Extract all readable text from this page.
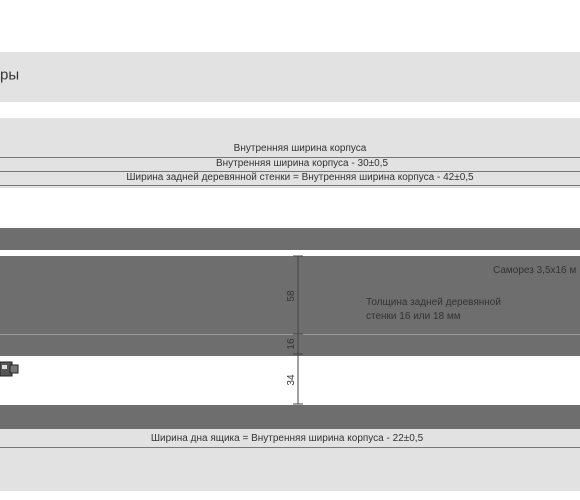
ры
Внутренняя ширина корпуса
Внутренняя ширина корпуса - 30±0,5
Ширина задней деревянной стенки = Внутренняя ширина корпуса - 42±0,5
58
16
34
Саморез 3,5х16 м
Толщина задней деревянной
стенки 16 или 18 мм
Ширина дна ящика = Внутренняя ширина корпуса - 22±0,5
